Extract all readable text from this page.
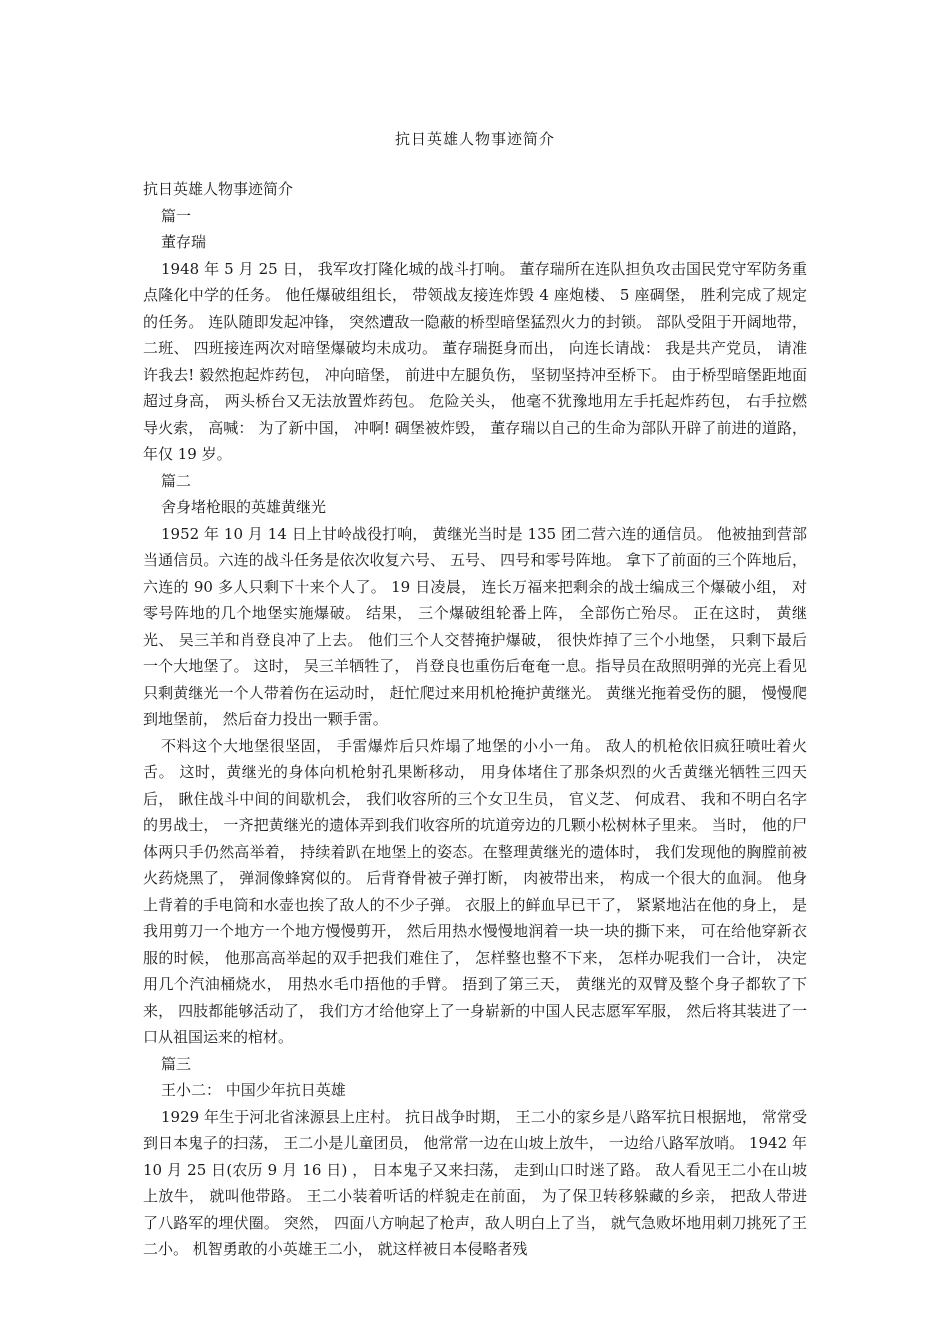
抗日英雄人物事迹简介

抗日英雄人物事迹简介

篇一

董存瑞

1948 年 5 月 25 日， 我军攻打隆化城的战斗打响。 董存瑞所在连队担负攻击国民党守军防务重点隆化中学的任务。 他任爆破组组长， 带领战友接连炸毁 4 座炮楼、 5 座碉堡， 胜利完成了规定的任务。 连队随即发起冲锋， 突然遭敌一隐蔽的桥型暗堡猛烈火力的封锁。 部队受阻于开阔地带， 二班、 四班接连两次对暗堡爆破均未成功。 董存瑞挺身而出， 向连长请战： 我是共产党员， 请准许我去! 毅然抱起炸药包， 冲向暗堡， 前进中左腿负伤， 坚韧坚持冲至桥下。 由于桥型暗堡距地面超过身高， 两头桥台又无法放置炸药包。 危险关头， 他毫不犹豫地用左手托起炸药包， 右手拉燃导火索， 高喊： 为了新中国， 冲啊! 碉堡被炸毁， 董存瑞以自己的生命为部队开辟了前进的道路， 年仅 19 岁。

篇二

舍身堵枪眼的英雄黄继光

1952 年 10 月 14 日上甘岭战役打响， 黄继光当时是 135 团二营六连的通信员。 他被抽到营部当通信员。六连的战斗任务是依次收复六号、 五号、 四号和零号阵地。 拿下了前面的三个阵地后， 六连的 90 多人只剩下十来个人了。 19 日凌晨， 连长万福来把剩余的战士编成三个爆破小组， 对零号阵地的几个地堡实施爆破。 结果， 三个爆破组轮番上阵， 全部伤亡殆尽。 正在这时， 黄继光、 吴三羊和肖登良冲了上去。 他们三个人交替掩护爆破， 很快炸掉了三个小地堡， 只剩下最后一个大地堡了。 这时， 吴三羊牺牲了， 肖登良也重伤后奄奄一息。指导员在敌照明弹的光亮上看见只剩黄继光一个人带着伤在运动时， 赶忙爬过来用机枪掩护黄继光。 黄继光拖着受伤的腿， 慢慢爬到地堡前， 然后奋力投出一颗手雷。

不料这个大地堡很坚固， 手雷爆炸后只炸塌了地堡的小小一角。 敌人的机枪依旧疯狂喷吐着火舌。 这时，黄继光的身体向机枪射孔果断移动， 用身体堵住了那条炽烈的火舌黄继光牺牲三四天后， 瞅住战斗中间的间歇机会， 我们收容所的三个女卫生员， 官义芝、 何成君、 我和不明白名字的男战士， 一齐把黄继光的遗体弄到我们收容所的坑道旁边的几颗小松树林子里来。 当时， 他的尸体两只手仍然高举着， 持续着趴在地堡上的姿态。在整理黄继光的遗体时， 我们发现他的胸膛前被火药烧黑了， 弹洞像蜂窝似的。 后背脊骨被子弹打断， 肉被带出来， 构成一个很大的血洞。 他身上背着的手电筒和水壶也挨了敌人的不少子弹。 衣服上的鲜血早已干了， 紧紧地沾在他的身上， 是我用剪刀一个地方一个地方慢慢剪开， 然后用热水慢慢地润着一块一块的撕下来， 可在给他穿新衣服的时候， 他那高高举起的双手把我们难住了， 怎样整也整不下来， 怎样办呢我们一合计， 决定用几个汽油桶烧水， 用热水毛巾捂他的手臂。 捂到了第三天， 黄继光的双臂及整个身子都软了下来， 四肢都能够活动了， 我们方才给他穿上了一身崭新的中国人民志愿军军服， 然后将其装进了一口从祖国运来的棺材。

篇三

王小二： 中国少年抗日英雄

1929 年生于河北省涞源县上庄村。 抗日战争时期， 王二小的家乡是八路军抗日根据地， 常常受到日本鬼子的扫荡， 王二小是儿童团员， 他常常一边在山坡上放牛， 一边给八路军放哨。 1942 年 10 月 25 日(农历 9 月 16 日) ， 日本鬼子又来扫荡， 走到山口时迷了路。 敌人看见王二小在山坡上放牛， 就叫他带路。 王二小装着听话的样貌走在前面， 为了保卫转移躲藏的乡亲， 把敌人带进了八路军的埋伏圈。 突然， 四面八方响起了枪声，敌人明白上了当， 就气急败坏地用刺刀挑死了王二小。 机智勇敢的小英雄王二小， 就这样被日本侵略者残
